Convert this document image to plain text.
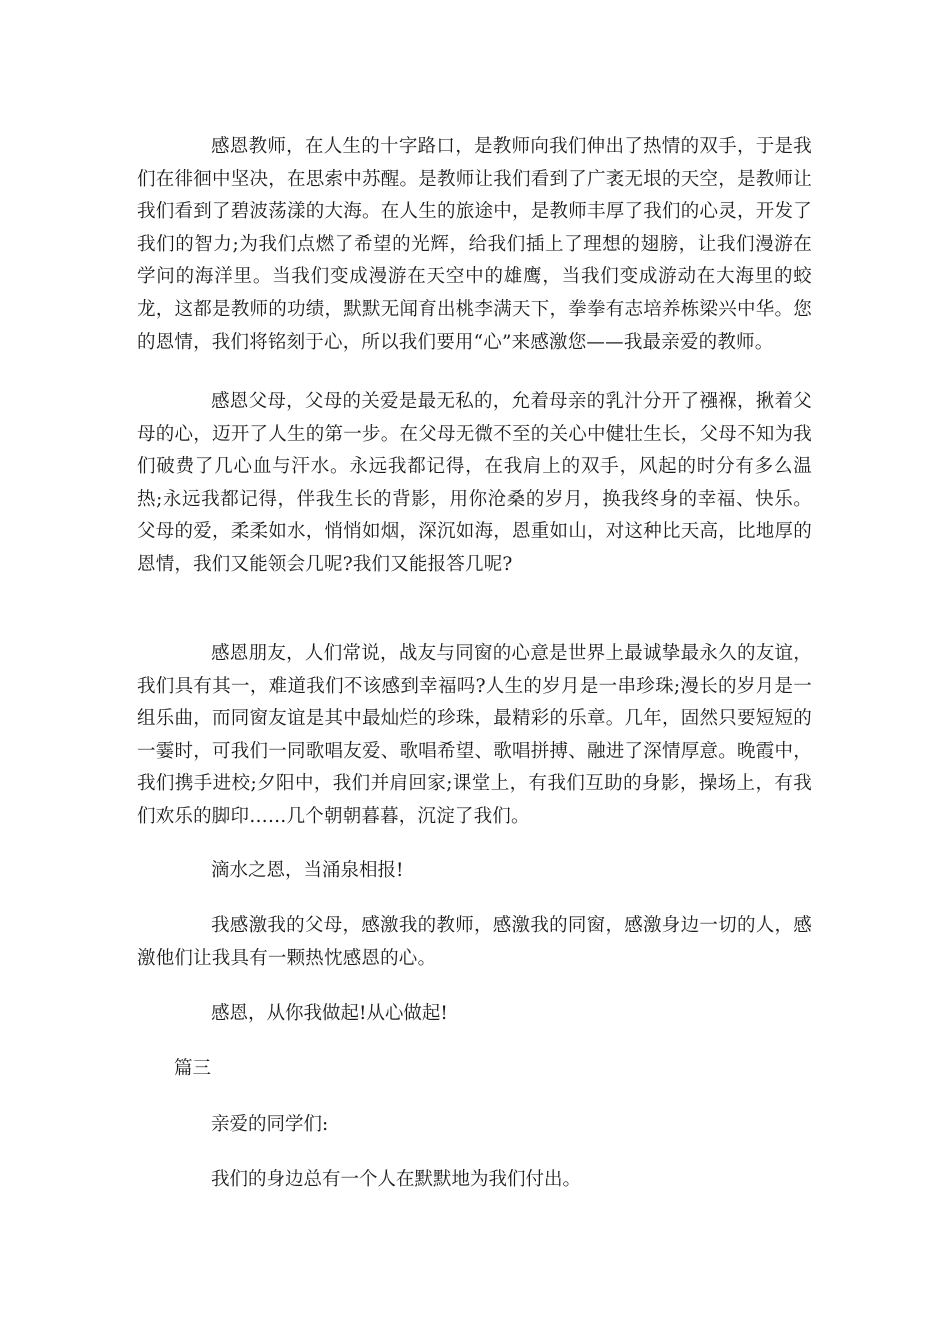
感恩教师，在人生的十字路口，是教师向我们伸出了热情的双手，于是我们在徘徊中坚决，在思索中苏醒。是教师让我们看到了广袤无垠的天空，是教师让我们看到了碧波荡漾的大海。在人生的旅途中，是教师丰厚了我们的心灵，开发了我们的智力;为我们点燃了希望的光辉，给我们插上了理想的翅膀，让我们漫游在学问的海洋里。当我们变成漫游在天空中的雄鹰，当我们变成游动在大海里的蛟龙，这都是教师的功绩，默默无闻育出桃李满天下，拳拳有志培养栋梁兴中华。您的恩情，我们将铭刻于心，所以我们要用“心”来感激您——我最亲爱的教师。

感恩父母，父母的关爱是最无私的，允着母亲的乳汁分开了襁褓，揪着父母的心，迈开了人生的第一步。在父母无微不至的关心中健壮生长，父母不知为我们破费了几心血与汗水。永远我都记得，在我肩上的双手，风起的时分有多么温热;永远我都记得，伴我生长的背影，用你沧桑的岁月，换我终身的幸福、快乐。父母的爱，柔柔如水，悄悄如烟，深沉如海，恩重如山，对这种比天高，比地厚的恩情，我们又能领会几呢?我们又能报答几呢?

感恩朋友，人们常说，战友与同窗的心意是世界上最诚挚最永久的友谊，我们具有其一，难道我们不该感到幸福吗?人生的岁月是一串珍珠;漫长的岁月是一组乐曲，而同窗友谊是其中最灿烂的珍珠，最精彩的乐章。几年，固然只要短短的一霎时，可我们一同歌唱友爱、歌唱希望、歌唱拼搏、融进了深情厚意。晚霞中，我们携手进校;夕阳中，我们并肩回家;课堂上，有我们互助的身影，操场上，有我们欢乐的脚印……几个朝朝暮暮，沉淀了我们。

滴水之恩，当涌泉相报!

我感激我的父母，感激我的教师，感激我的同窗，感激身边一切的人，感激他们让我具有一颗热忱感恩的心。

感恩，从你我做起!从心做起!

篇三

亲爱的同学们:

我们的身边总有一个人在默默地为我们付出。
